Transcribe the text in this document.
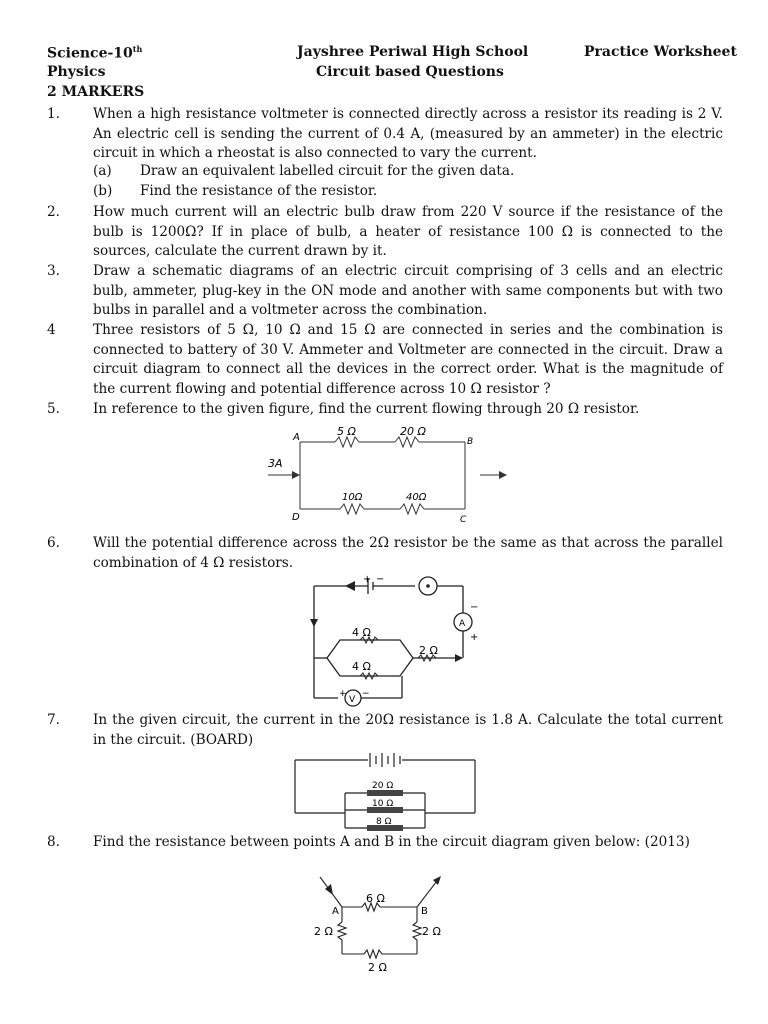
Science-10th
Physics
2 MARKERS
Jayshree Periwal High School
Circuit based Questions
Practice Worksheet
1. When a high resistance voltmeter is connected directly across a resistor its reading is 2 V. An electric cell is sending the current of 0.4 A, (measured by an ammeter) in the electric circuit in which a rheostat is also connected to vary the current.
(a) Draw an equivalent labelled circuit for the given data.
(b) Find the resistance of the resistor.
2. How much current will an electric bulb draw from 220 V source if the resistance of the bulb is 1200Ω? If in place of bulb, a heater of resistance 100 Ω is connected to the sources, calculate the current drawn by it.
3. Draw a schematic diagrams of an electric circuit comprising of 3 cells and an electric bulb, ammeter, plug-key in the ON mode and another with same components but with two bulbs in parallel and a voltmeter across the combination.
4	Three resistors of 5 Ω, 10 Ω and 15 Ω are connected in series and the combination is connected to battery of 30 V. Ammeter and Voltmeter are connected in the circuit. Draw a circuit diagram to connect all the devices in the correct order. What is the magnitude of the current flowing and potential difference across 10 Ω resistor ?
5. In reference to the given figure, find the current flowing through 20 Ω resistor.
5 Ω	20 Ω
10Ω	40Ω
3A
A	B
C
D
6. Will the potential difference across the 2Ω resistor be the same as that across the parallel combination of 4 Ω resistors.
4 Ω
4 Ω
2 Ω
A
V
+ −
−
+
+ −
7. In the given circuit, the current in the 20Ω resistance is 1.8 A. Calculate the total current in the circuit. (BOARD)
20 Ω
10 Ω
8 Ω
8. Find the resistance between points A and B in the circuit diagram given below: (2013)
6 Ω
2 Ω	2 Ω
2 Ω
A	B
